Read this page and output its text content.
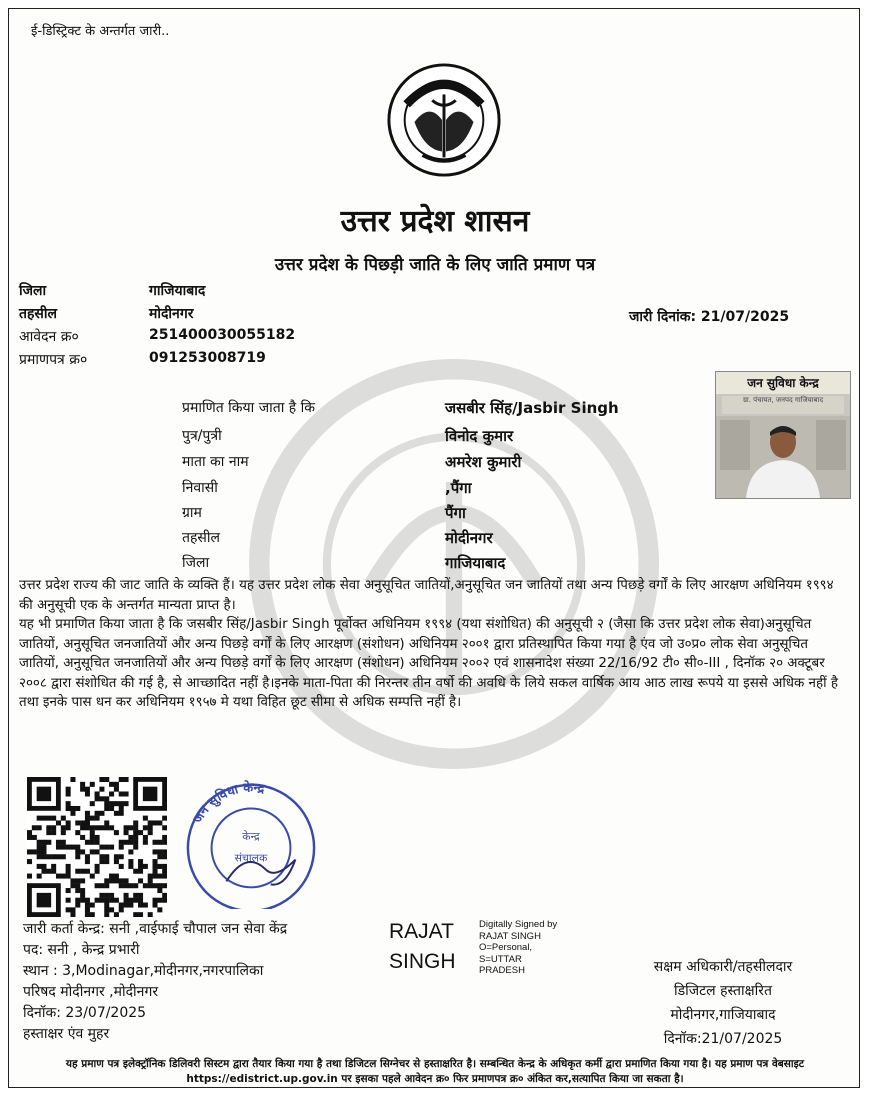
ई-डिस्ट्रिक्ट के अन्तर्गत जारी..
उत्तर प्रदेश शासन
उत्तर प्रदेश के पिछड़ी जाति के लिए जाति प्रमाण पत्र
जिला	गाजियाबाद
तहसील	मोदीनगर
आवेदन क्र०	251400030055182
प्रमाणपत्र क्र०	091253008719
जारी दिनांक: 21/07/2025
प्रमाणित किया जाता है कि	जसबीर सिंह/Jasbir Singh
पुत्र/पुत्री	विनोद कुमार
माता का नाम	अमरेश कुमारी
निवासी	,पैंगा
ग्राम	पैंगा
तहसील	मोदीनगर
जिला	गाजियाबाद
जन सुविधा केन्द्र
ग्रा. पंचायत, जनपद गाजियाबाद
उत्तर प्रदेश राज्य की जाट जाति के व्यक्ति हैं। यह उत्तर प्रदेश लोक सेवा अनुसूचित जातियों,अनुसूचित जन जातियों तथा अन्य पिछड़े वर्गों के लिए आरक्षण अधिनियम १९९४ की अनुसूची एक के अन्तर्गत मान्यता प्राप्त है।
यह भी प्रमाणित किया जाता है कि जसबीर सिंह/Jasbir Singh पूर्वोक्त अधिनियम १९९४ (यथा संशोधित) की अनुसूची २ (जैसा कि उत्तर प्रदेश लोक सेवा)अनुसूचित जातियों, अनुसूचित जनजातियों और अन्य पिछड़े वर्गों के लिए आरक्षण (संशोधन) अधिनियम २००१ द्वारा प्रतिस्थापित किया गया है एंव जो उ०प्र० लोक सेवा अनुसूचित जातियों, अनुसूचित जनजातियों और अन्य पिछड़े वर्गों के लिए आरक्षण (संशोधन) अधिनियम २००२ एवं शासनादेश संख्या 22/16/92 टी० सी०-III , दिनॉक २० अक्टूबर २००८ द्वारा संशोधित की गई है, से आच्छादित नहीं है।इनके माता-पिता की निरन्तर तीन वर्षो की अवधि के लिये सकल वार्षिक आय आठ लाख रूपये या इससे अधिक नहीं है तथा इनके पास धन कर अधिनियम १९५७ मे यथा विहित छूट सीमा से अधिक सम्पत्ति नहीं है।
जन सुविधा केन्द्र
केन्द्र
संचालक
जारी कर्ता केन्द्र: सनी ,वाईफाई चौपाल जन सेवा केंद्र
पद: सनी , केन्द्र प्रभारी
स्थान : 3,Modinagar,मोदीनगर,नगरपालिका
परिषद मोदीनगर ,मोदीनगर
दिनॉक: 23/07/2025
हस्ताक्षर एंव मुहर
RAJAT
SINGH
Digitally Signed by
RAJAT SINGH
O=Personal,
S=UTTAR
PRADESH	सक्षम अधिकारी/तहसीलदार
डिजिटल हस्ताक्षरित
मोदीनगर,गाजियाबाद
दिनॉक:21/07/2025
यह प्रमाण पत्र इलेक्ट्रॉनिक डिलिवरी सिस्टम द्वारा तैयार किया गया है तथा डिजिटल सिग्नेचर से हस्ताक्षरित है। सम्बन्धित केन्द्र के अधिकृत कर्मी द्वारा प्रमाणित किया गया है। यह प्रमाण पत्र वेबसाइट https://edistrict.up.gov.in पर इसका पहले आवेदन क्र० फिर प्रमाणपत्र क्र० अंकित कर,सत्यापित किया जा सकता है।
